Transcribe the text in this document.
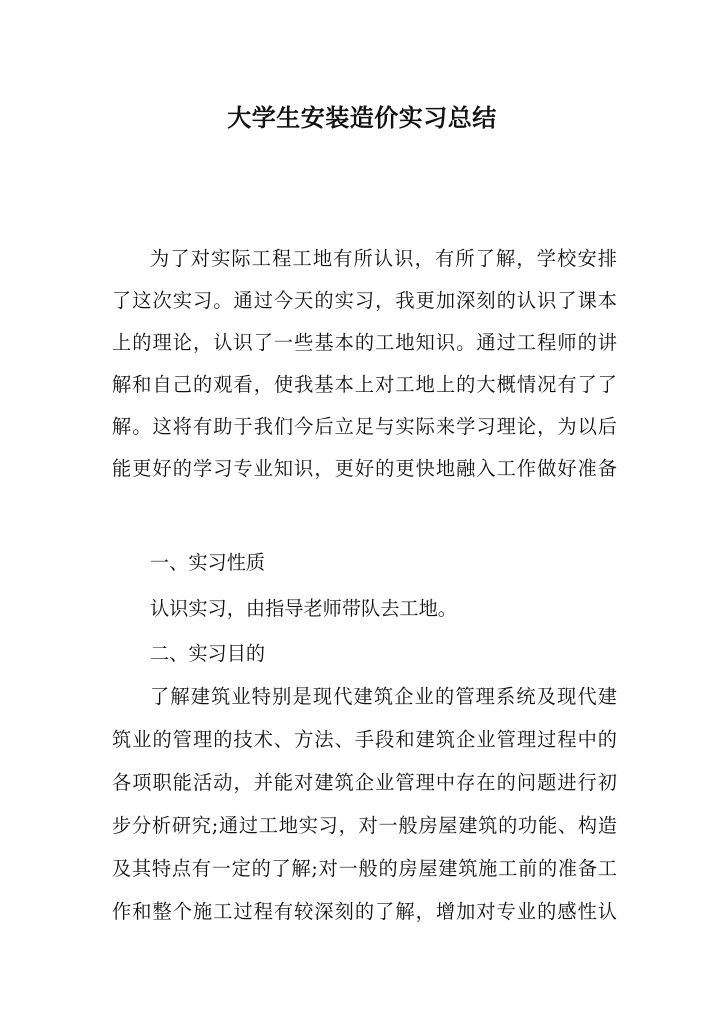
大学生安装造价实习总结

为了对实际工程工地有所认识，有所了解，学校安排

了这次实习。通过今天的实习，我更加深刻的认识了课本

上的理论，认识了一些基本的工地知识。通过工程师的讲

解和自己的观看，使我基本上对工地上的大概情况有了了

解。这将有助于我们今后立足与实际来学习理论，为以后

能更好的学习专业知识，更好的更快地融入工作做好准备

一、实习性质

认识实习，由指导老师带队去工地。

二、实习目的

了解建筑业特别是现代建筑企业的管理系统及现代建

筑业的管理的技术、方法、手段和建筑企业管理过程中的

各项职能活动，并能对建筑企业管理中存在的问题进行初

步分析研究;通过工地实习，对一般房屋建筑的功能、构造

及其特点有一定的了解;对一般的房屋建筑施工前的准备工

作和整个施工过程有较深刻的了解，增加对专业的感性认
